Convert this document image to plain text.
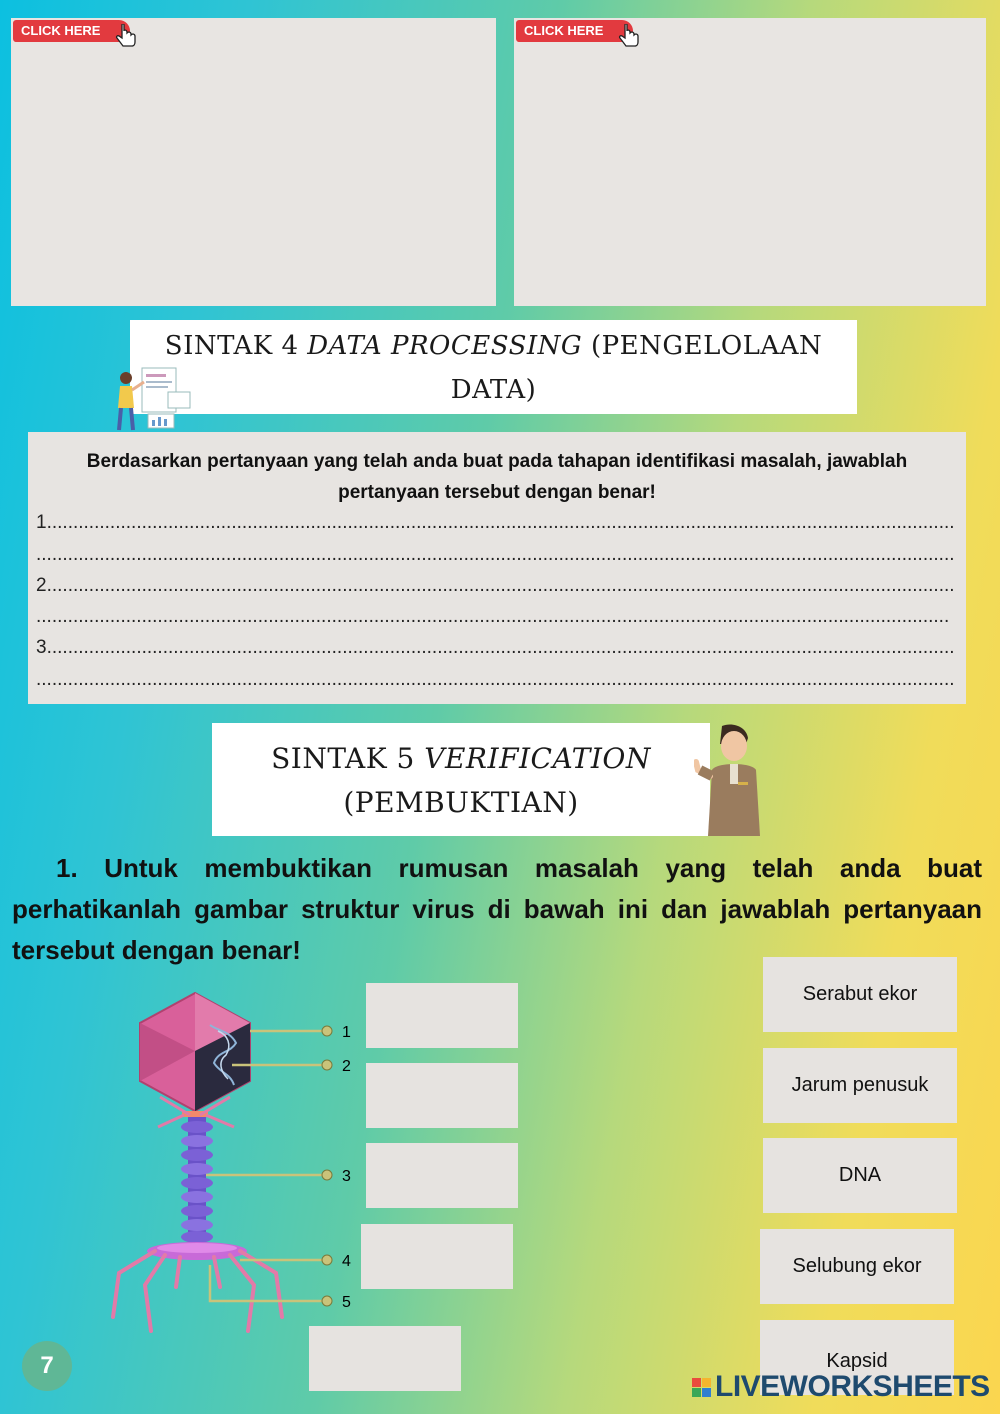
CLICK HERE	CLICK HERE
SINTAK 4 DATA PROCESSING (PENGELOLAAN
DATA)
Berdasarkan pertanyaan yang telah anda buat pada tahapan identifikasi masalah, jawablah pertanyaan tersebut dengan benar!
1. .....
.....
2. .....
.....
3. .....
.....
SINTAK 5 VERIFICATION
(PEMBUKTIAN)
1. Untuk membuktikan rumusan masalah yang telah anda buat perhatikanlah gambar struktur virus di bawah ini dan jawablah pertanyaan tersebut dengan benar!
1
2
3
4
5
Serabut ekor
Jarum penusuk
DNA
Selubung ekor
Kapsid
7
LIVEWORKSHEETS
